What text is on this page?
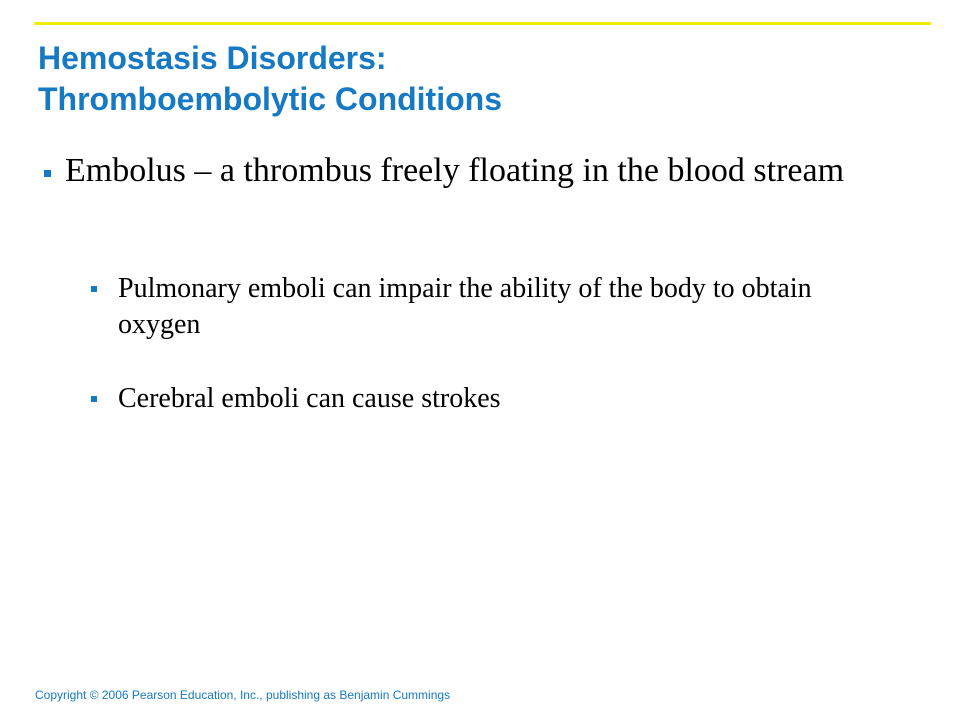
Hemostasis Disorders:
Thromboembolytic Conditions
Embolus – a thrombus freely floating in the blood stream
Pulmonary emboli can impair the ability of the body to obtain oxygen
Cerebral emboli can cause strokes
Copyright © 2006 Pearson Education, Inc., publishing as Benjamin Cummings
